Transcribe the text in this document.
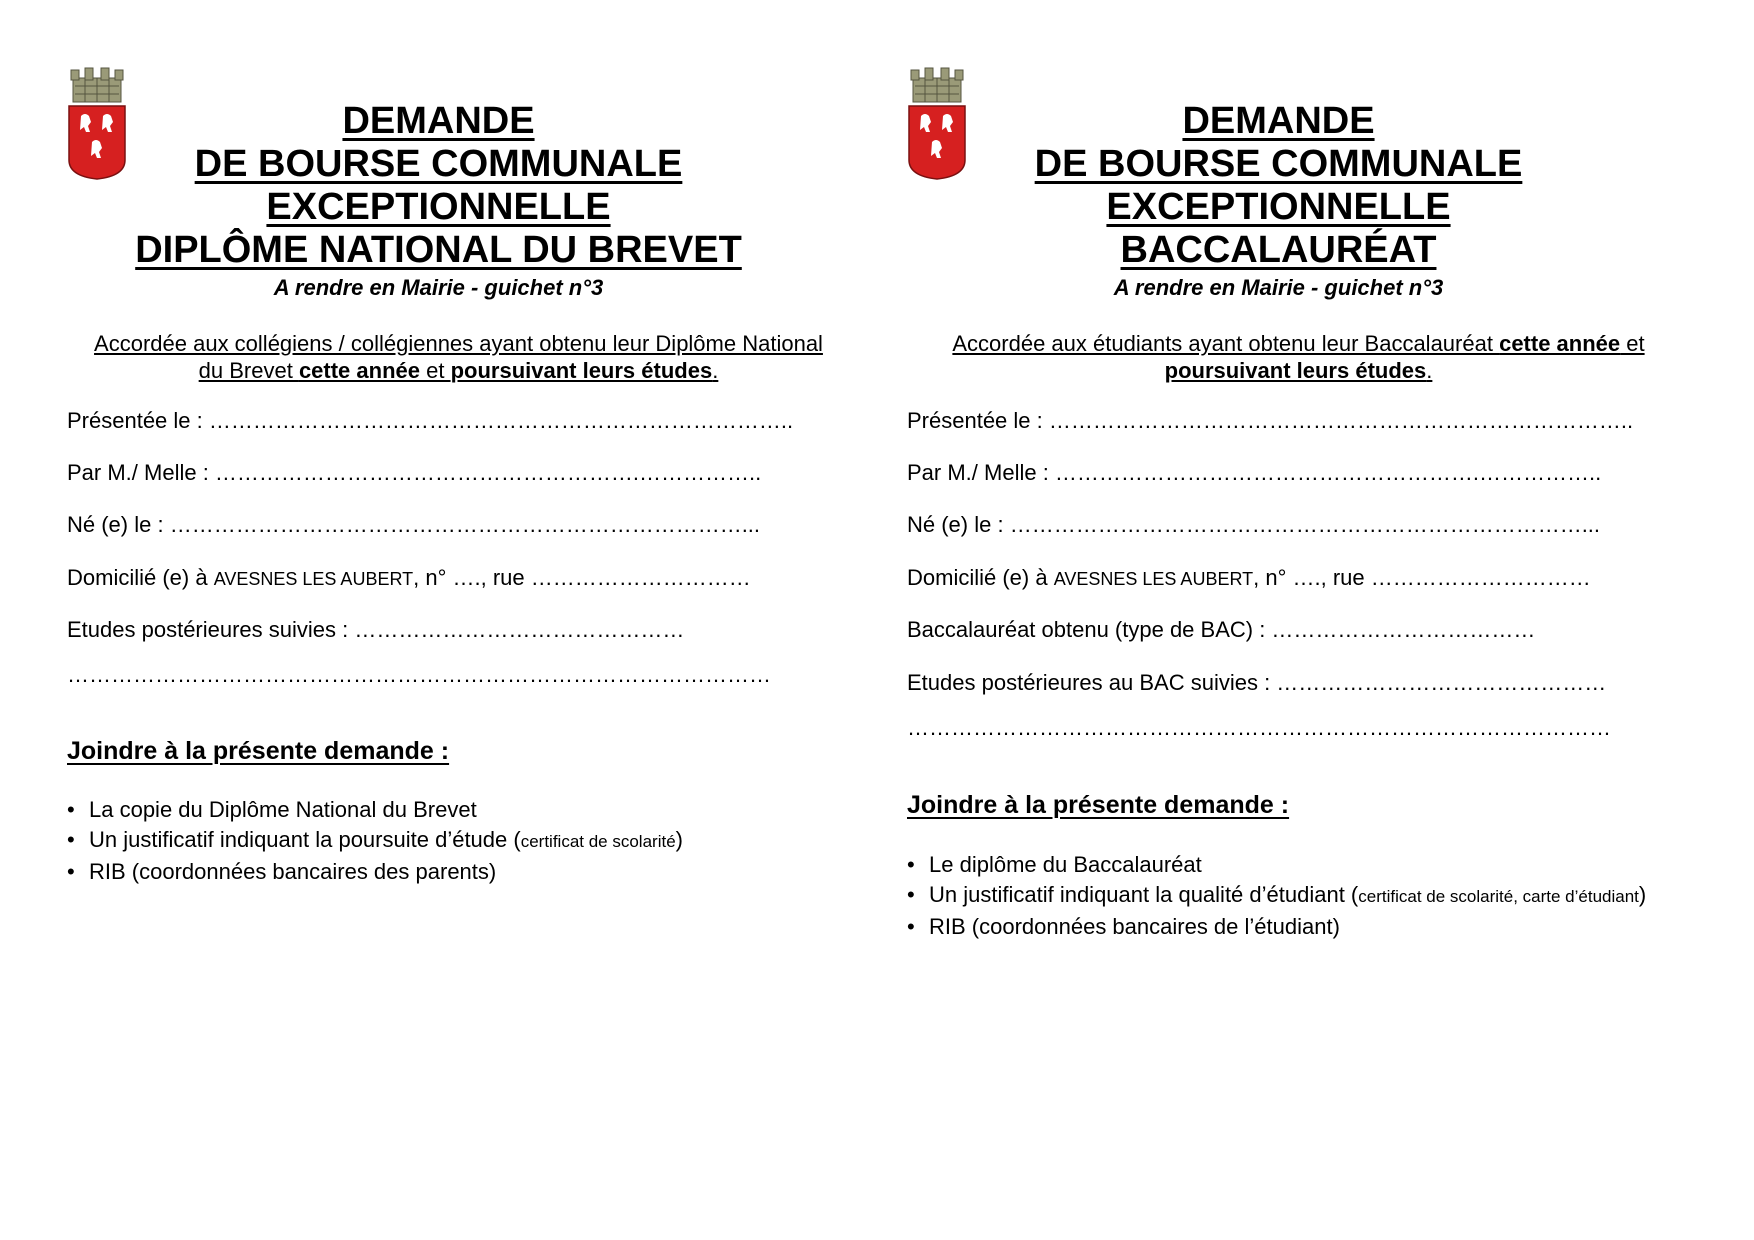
DEMANDE
DE BOURSE COMMUNALE
EXCEPTIONNELLE
DIPLÔME NATIONAL DU BREVET
A rendre en Mairie - guichet n°3
Accordée aux collégiens / collégiennes ayant obtenu leur Diplôme National du Brevet cette année et poursuivant leurs études.
Présentée le : ……………………………………………………………………..
Par M./ Melle : ………………………………………………….……………..
Né (e) le : ……………………………………………………………………...
Domicilié (e) à AVESNES LES AUBERT, n° …., rue …………………………
Etudes postérieures suivies : ………………………………………
……………………………………………………………………………………
Joindre à la présente demande :
• La copie du Diplôme National du Brevet
• Un justificatif indiquant la poursuite d’étude (certificat de scolarité)
• RIB (coordonnées bancaires des parents)
DEMANDE
DE BOURSE COMMUNALE
EXCEPTIONNELLE
BACCALAURÉAT
A rendre en Mairie - guichet n°3
Accordée aux étudiants ayant obtenu leur Baccalauréat cette année et poursuivant leurs études.
Présentée le : ……………………………………………………………………..
Par M./ Melle : ………………………………………………….……………..
Né (e) le : ……………………………………………………………………...
Domicilié (e) à AVESNES LES AUBERT, n° …., rue …………………………
Baccalauréat obtenu (type de BAC) : ………………………………
Etudes postérieures au BAC suivies : ………………………………………
……………………………………………………………………………………
Joindre à la présente demande :
• Le diplôme du Baccalauréat
• Un justificatif indiquant la qualité d’étudiant (certificat de scolarité, carte d’étudiant)
• RIB (coordonnées bancaires de l’étudiant)
